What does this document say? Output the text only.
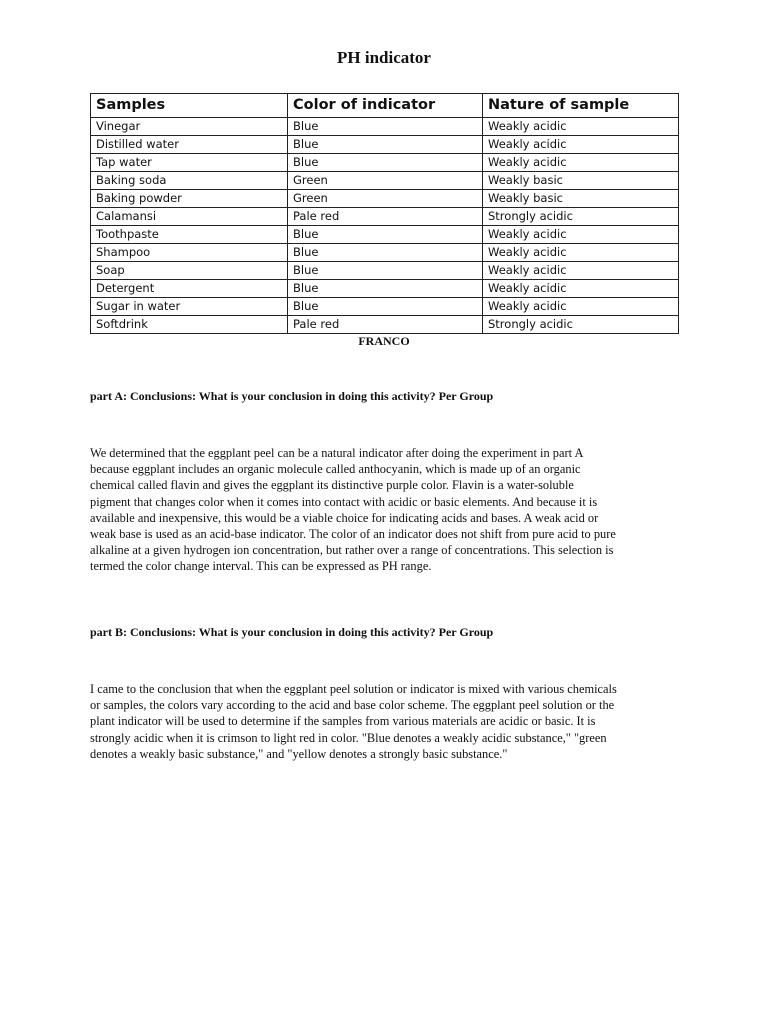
PH indicator
Samples	Color of indicator	Nature of sample
Vinegar	Blue	Weakly acidic
Distilled water	Blue	Weakly acidic
Tap water	Blue	Weakly acidic
Baking soda	Green	Weakly basic
Baking powder	Green	Weakly basic
Calamansi	Pale red	Strongly acidic
Toothpaste	Blue	Weakly acidic
Shampoo	Blue	Weakly acidic
Soap	Blue	Weakly acidic
Detergent	Blue	Weakly acidic
Sugar in water	Blue	Weakly acidic
Softdrink	Pale red	Strongly acidic
FRANCO
part A: Conclusions: What is your conclusion in doing this activity? Per Group
We determined that the eggplant peel can be a natural indicator after doing the experiment in part A
because eggplant includes an organic molecule called anthocyanin, which is made up of an organic
chemical called flavin and gives the eggplant its distinctive purple color. Flavin is a water-soluble
pigment that changes color when it comes into contact with acidic or basic elements. And because it is
available and inexpensive, this would be a viable choice for indicating acids and bases. A weak acid or
weak base is used as an acid-base indicator. The color of an indicator does not shift from pure acid to pure
alkaline at a given hydrogen ion concentration, but rather over a range of concentrations. This selection is
termed the color change interval. This can be expressed as PH range.
part B: Conclusions: What is your conclusion in doing this activity? Per Group
I came to the conclusion that when the eggplant peel solution or indicator is mixed with various chemicals
or samples, the colors vary according to the acid and base color scheme. The eggplant peel solution or the
plant indicator will be used to determine if the samples from various materials are acidic or basic. It is
strongly acidic when it is crimson to light red in color. "Blue denotes a weakly acidic substance," "green
denotes a weakly basic substance," and "yellow denotes a strongly basic substance."
